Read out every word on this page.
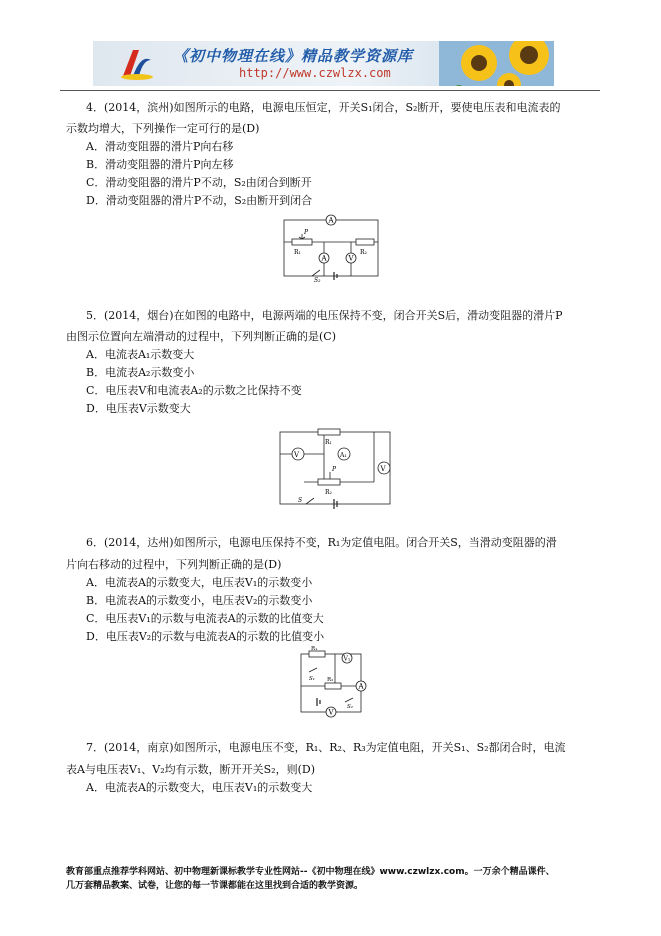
《初中物理在线》精品教学资源库
http://www.czwlzx.com
4．(2014，滨州)如图所示的电路，电源电压恒定，开关S₁闭合，S₂断开，要使电压表和电流表的
示数均增大，下列操作一定可行的是(D)
A．滑动变阻器的滑片P向右移
B．滑动变阻器的滑片P向左移
C．滑动变阻器的滑片P不动，S₂由闭合到断开
D．滑动变阻器的滑片P不动，S₂由断开到闭合
A
A	V
R₁	R₂
P
S₂
5．(2014，烟台)在如图的电路中，电源两端的电压保持不变，闭合开关S后，滑动变阻器的滑片P
由图示位置向左端滑动的过程中，下列判断正确的是(C)
A．电流表A₁示数变大
B．电流表A₂示数变小
C．电压表V和电流表A₂的示数之比保持不变
D．电压表V示数变大
V	A₁
V
R₁
R₂
P
S
6．(2014，达州)如图所示，电源电压保持不变，R₁为定值电阻。闭合开关S，当滑动变阻器的滑
片向右移动的过程中，下列判断正确的是(D)
A．电流表A的示数变大，电压表V₁的示数变小
B．电流表A的示数变小，电压表V₂的示数变小
C．电压表V₁的示数与电流表A的示数的比值变大
D．电压表V₂的示数与电流表A的示数的比值变小
V₁
A
V
R₁
R₂
S₁
S₂
7．(2014，南京)如图所示，电源电压不变，R₁、R₂、R₃为定值电阻，开关S₁、S₂都闭合时，电流
表A与电压表V₁、V₂均有示数，断开开关S₂，则(D)
A．电流表A的示数变大，电压表V₁的示数变大
教育部重点推荐学科网站、初中物理新课标教学专业性网站--《初中物理在线》www.czwlzx.com。一万余个精品课件、
几万套精品教案、试卷，让您的每一节课都能在这里找到合适的教学资源。
